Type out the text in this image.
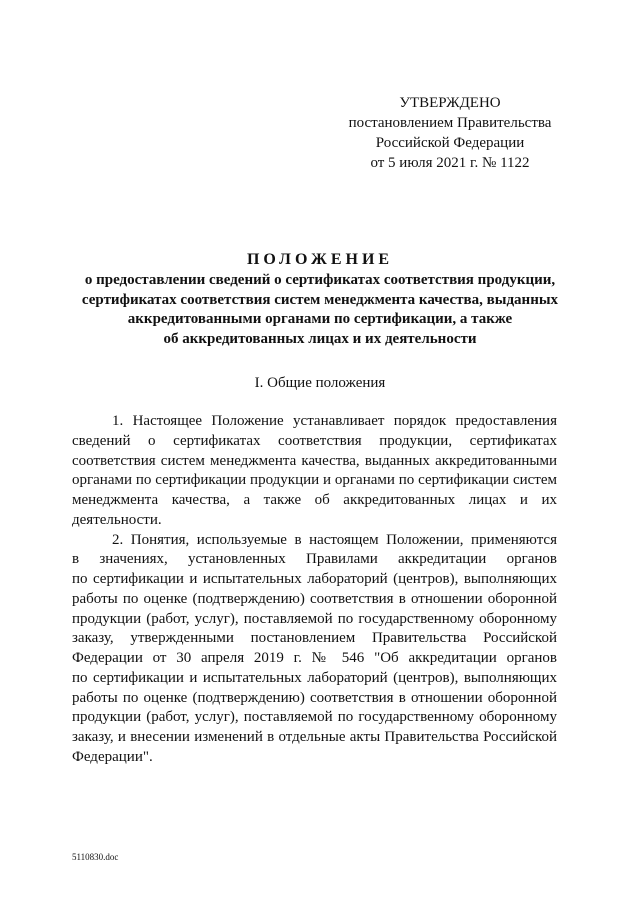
УТВЕРЖДЕНО
постановлением Правительства
Российской Федерации
от 5 июля 2021 г. № 1122
ПОЛОЖЕНИЕ
о предоставлении сведений о сертификатах соответствия продукции,
сертификатах соответствия систем менеджмента качества, выданных
аккредитованными органами по сертификации, а также
об аккредитованных лицах и их деятельности
I. Общие положения
1. Настоящее Положение устанавливает порядок предоставления
сведений о сертификатах соответствия продукции, сертификатах
соответствия систем менеджмента качества, выданных аккредитованными
органами по сертификации продукции и органами по сертификации систем
менеджмента качества, а также об аккредитованных лицах и их
деятельности.
2. Понятия, используемые в настоящем Положении, применяются
в значениях, установленных Правилами аккредитации органов
по сертификации и испытательных лабораторий (центров), выполняющих
работы по оценке (подтверждению) соответствия в отношении оборонной
продукции (работ, услуг), поставляемой по государственному оборонному
заказу, утвержденными постановлением Правительства Российской
Федерации от 30 апреля 2019 г. № 546 "Об аккредитации органов
по сертификации и испытательных лабораторий (центров), выполняющих
работы по оценке (подтверждению) соответствия в отношении оборонной
продукции (работ, услуг), поставляемой по государственному оборонному
заказу, и внесении изменений в отдельные акты Правительства Российской
Федерации".
5110830.doc
